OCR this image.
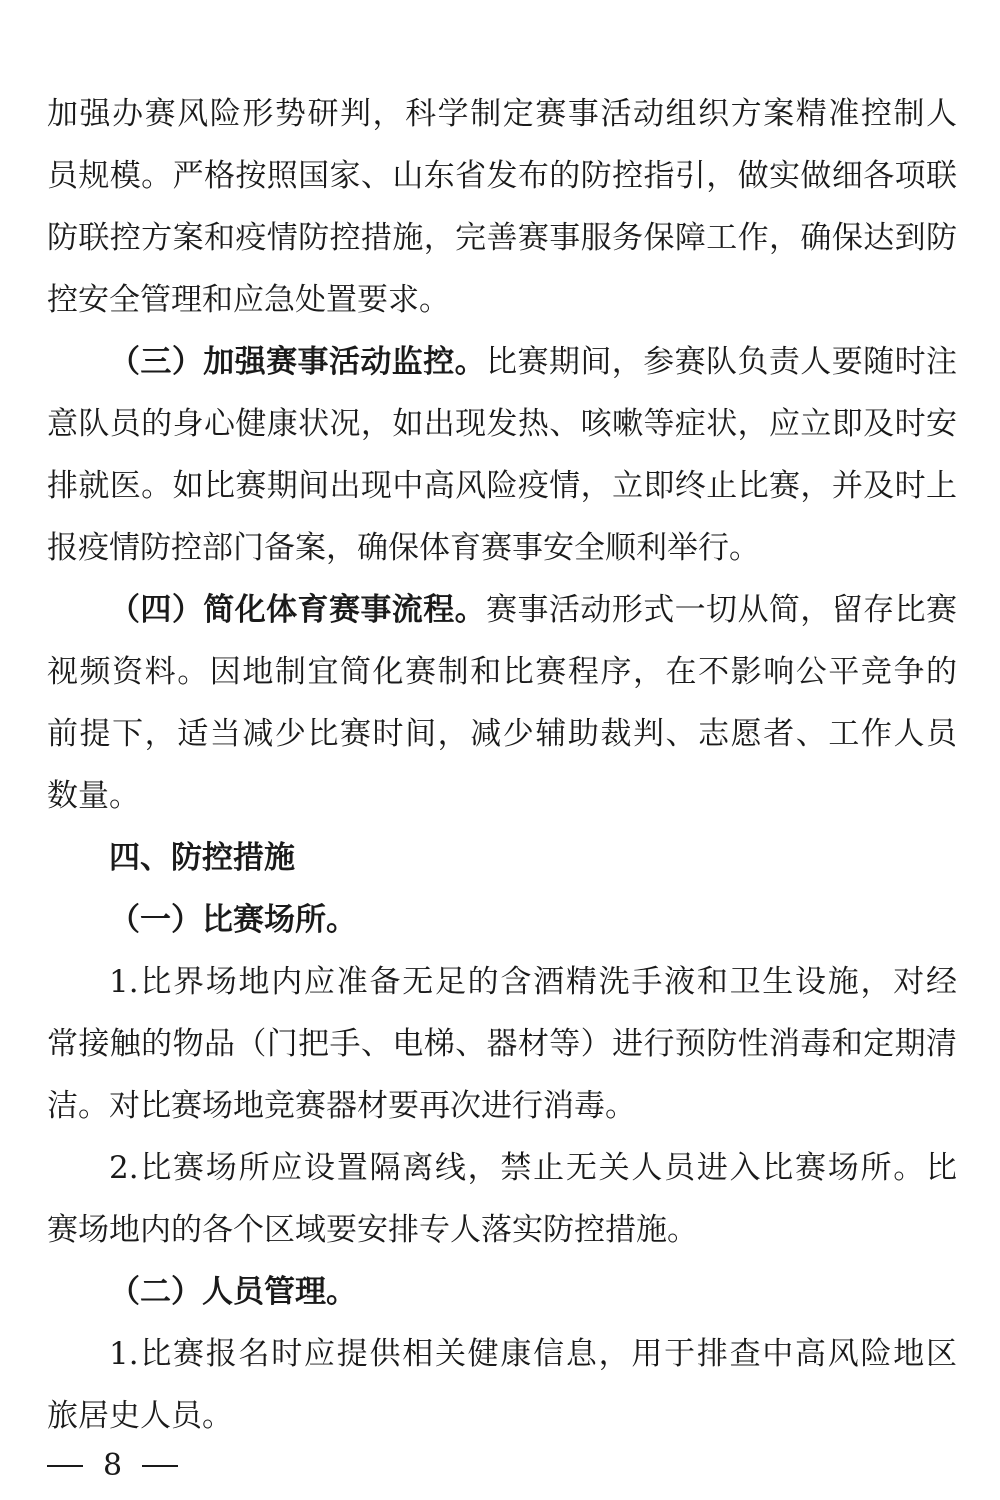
加强办赛风险形势研判，科学制定赛事活动组织方案精准控制人
员规模。严格按照国家、山东省发布的防控指引，做实做细各项联
防联控方案和疫情防控措施，完善赛事服务保障工作，确保达到防
控安全管理和应急处置要求。
（三）加强赛事活动监控。比赛期间，参赛队负责人要随时注
意队员的身心健康状况，如出现发热、咳嗽等症状，应立即及时安
排就医。如比赛期间出现中高风险疫情，立即终止比赛，并及时上
报疫情防控部门备案，确保体育赛事安全顺利举行。
（四）简化体育赛事流程。赛事活动形式一切从简，留存比赛
视频资料。因地制宜简化赛制和比赛程序，在不影响公平竞争的
前提下，适当减少比赛时间，减少辅助裁判、志愿者、工作人员
数量。
四、防控措施
（一）比赛场所。
1.比界场地内应准备无足的含酒精洗手液和卫生设施，对经
常接触的物品（门把手、电梯、器材等）进行预防性消毒和定期清
洁。对比赛场地竞赛器材要再次进行消毒。
2.比赛场所应设置隔离线，禁止无关人员进入比赛场所。比
赛场地内的各个区域要安排专人落实防控措施。
（二）人员管理。
1.比赛报名时应提供相关健康信息，用于排查中高风险地区
旅居史人员。
8
